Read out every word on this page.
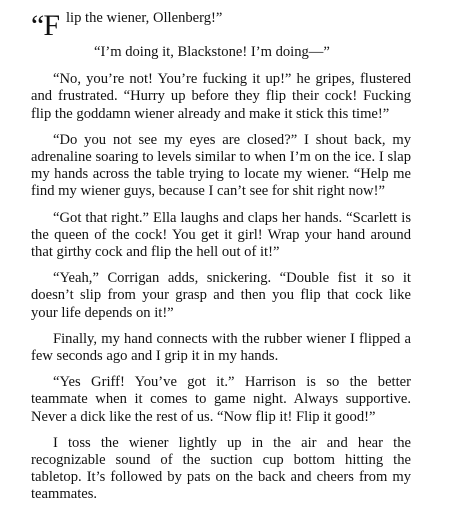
“Flip the wiener, Ollenberg!”

“I’m doing it, Blackstone! I’m doing—”

“No, you’re not! You’re fucking it up!” he gripes, flustered and frustrated. “Hurry up before they flip their cock! Fucking flip the goddamn wiener already and make it stick this time!”

“Do you not see my eyes are closed?” I shout back, my adrenaline soaring to levels similar to when I’m on the ice. I slap my hands across the table trying to locate my wiener. “Help me find my wiener guys, because I can’t see for shit right now!”

“Got that right.” Ella laughs and claps her hands. “Scarlett is the queen of the cock! You get it girl! Wrap your hand around that girthy cock and flip the hell out of it!”

“Yeah,” Corrigan adds, snickering. “Double fist it so it doesn’t slip from your grasp and then you flip that cock like your life depends on it!”

Finally, my hand connects with the rubber wiener I flipped a few seconds ago and I grip it in my hands.

“Yes Griff! You’ve got it.” Harrison is so the better teammate when it comes to game night. Always supportive. Never a dick like the rest of us. “Now flip it! Flip it good!”

I toss the wiener lightly up in the air and hear the recognizable sound of the suction cup bottom hitting the tabletop. It’s followed by pats on the back and cheers from my teammates.
